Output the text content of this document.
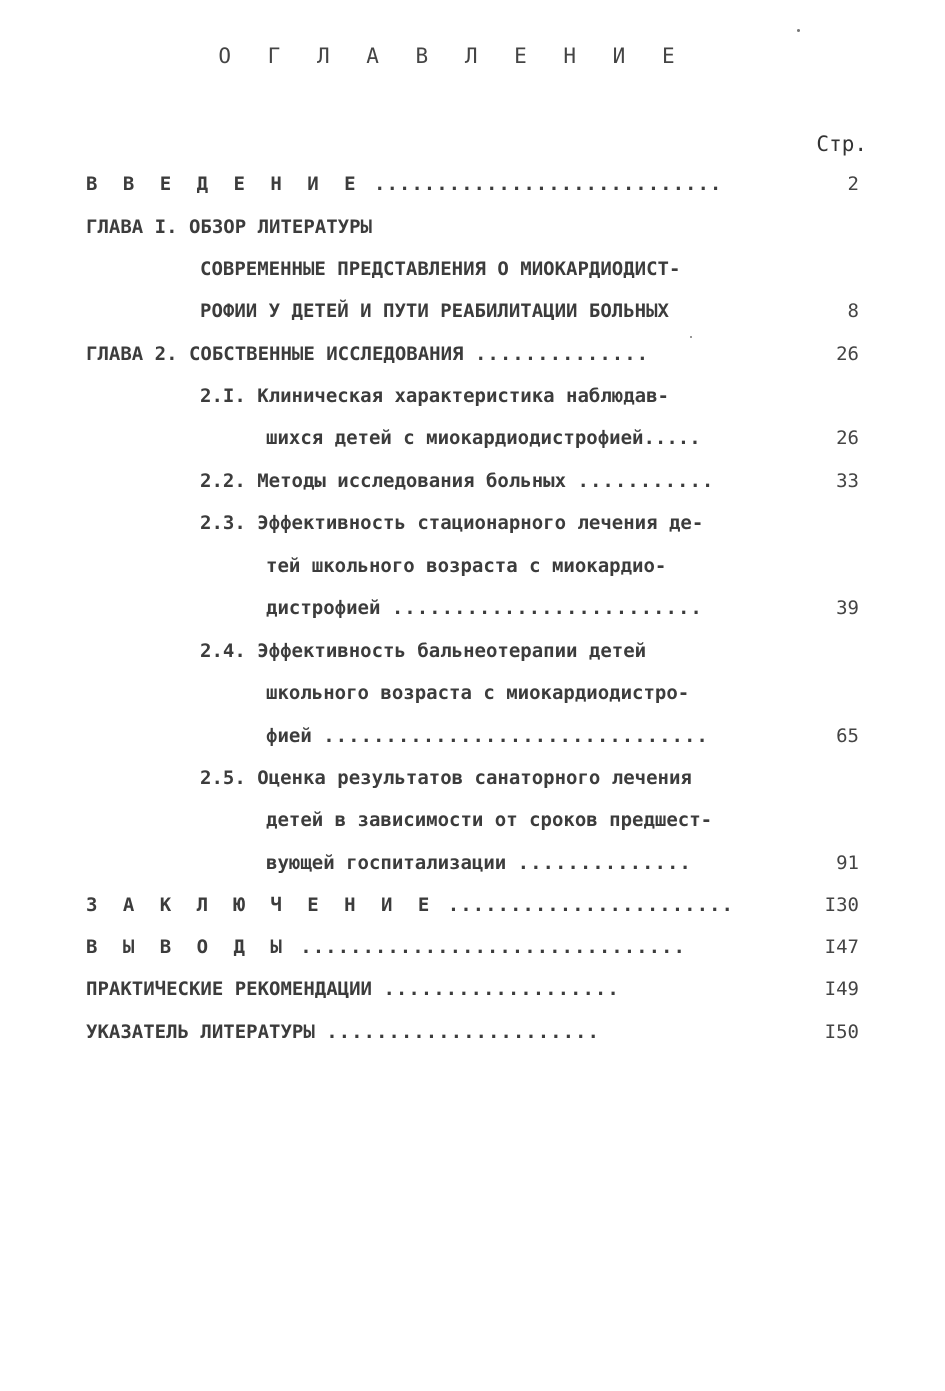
О Г Л А В Л Е Н И Е
Стр.
В В Е Д Е Н И Е ............................	2
ГЛАВА I. ОБЗОР ЛИТЕРАТУРЫ
СОВРЕМЕННЫЕ ПРЕДСТАВЛЕНИЯ О МИОКАРДИОДИСТ-
РОФИИ У ДЕТЕЙ И ПУТИ РЕАБИЛИТАЦИИ БОЛЬНЫХ	8
ГЛАВА 2. СОБСТВЕННЫЕ ИССЛЕДОВАНИЯ ..............	26
2.I. Клиническая характеристика наблюдав-
шихся детей с миокардиодистрофией.....	26
2.2. Методы исследования больных ...........	33
2.3. Эффективность стационарного лечения де-
тей школьного возраста с миокардио-
дистрофией .........................	39
2.4. Эффективность бальнеотерапии детей
школьного возраста с миокардиодистро-
фией ...............................	65
2.5. Оценка результатов санаторного лечения
детей в зависимости от сроков предшест-
вующей госпитализации ..............	91
З А К Л Ю Ч Е Н И Е .......................	I30
В Ы В О Д Ы ...............................	I47
ПРАКТИЧЕСКИЕ РЕКОМЕНДАЦИИ ...................	I49
УКАЗАТЕЛЬ ЛИТЕРАТУРЫ ......................	I50
